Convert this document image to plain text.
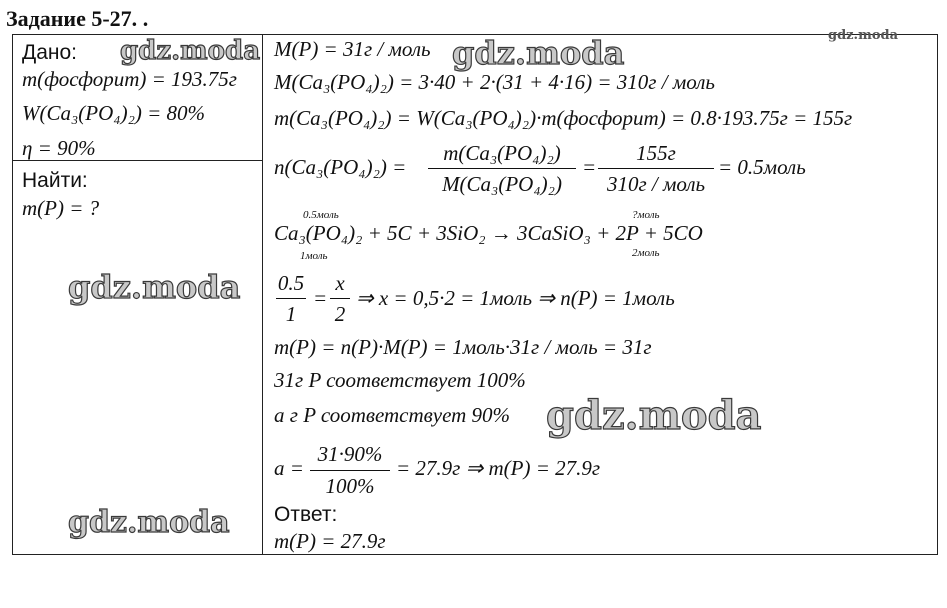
Задание 5-27. .
Дано:
m(фосфорит) = 193.75г
W(Ca₃(PO₄)₂) = 80%
η = 90%
Найти:
m(P) = ?
M(P) = 31г / моль
M(Ca₃(PO₄)₂) = 3·40 + 2·(31 + 4·16) = 310г / моль
m(Ca₃(PO₄)₂) = W(Ca₃(PO₄)₂)·m(фосфорит) = 0.8·193.75г = 155г
n(Ca₃(PO₄)₂) =
m(Ca₃(PO₄)₂)
M(Ca₃(PO₄)₂)
=
155г
310г / моль
= 0.5моль
0.5моль
Ca₃(PO₄)₂ + 5C + 3SiO₂ → 3CaSiO₃ + 2P + 5CO
1моль
?моль
2моль
0.5
1
=
x
2
⇒ x = 0,5·2 = 1моль ⇒ n(P) = 1моль
m(P) = n(P)·M(P) = 1моль·31г / моль = 31г
31г P соответствует 100%
a г P соответствует 90%
a =
31·90%
100%
= 27.9г ⇒ m(P) = 27.9г
Ответ:
m(P) = 27.9г
gdz.moda	gdz.moda
gdz.moda
gdz.moda
gdz.moda
gdz.moda
